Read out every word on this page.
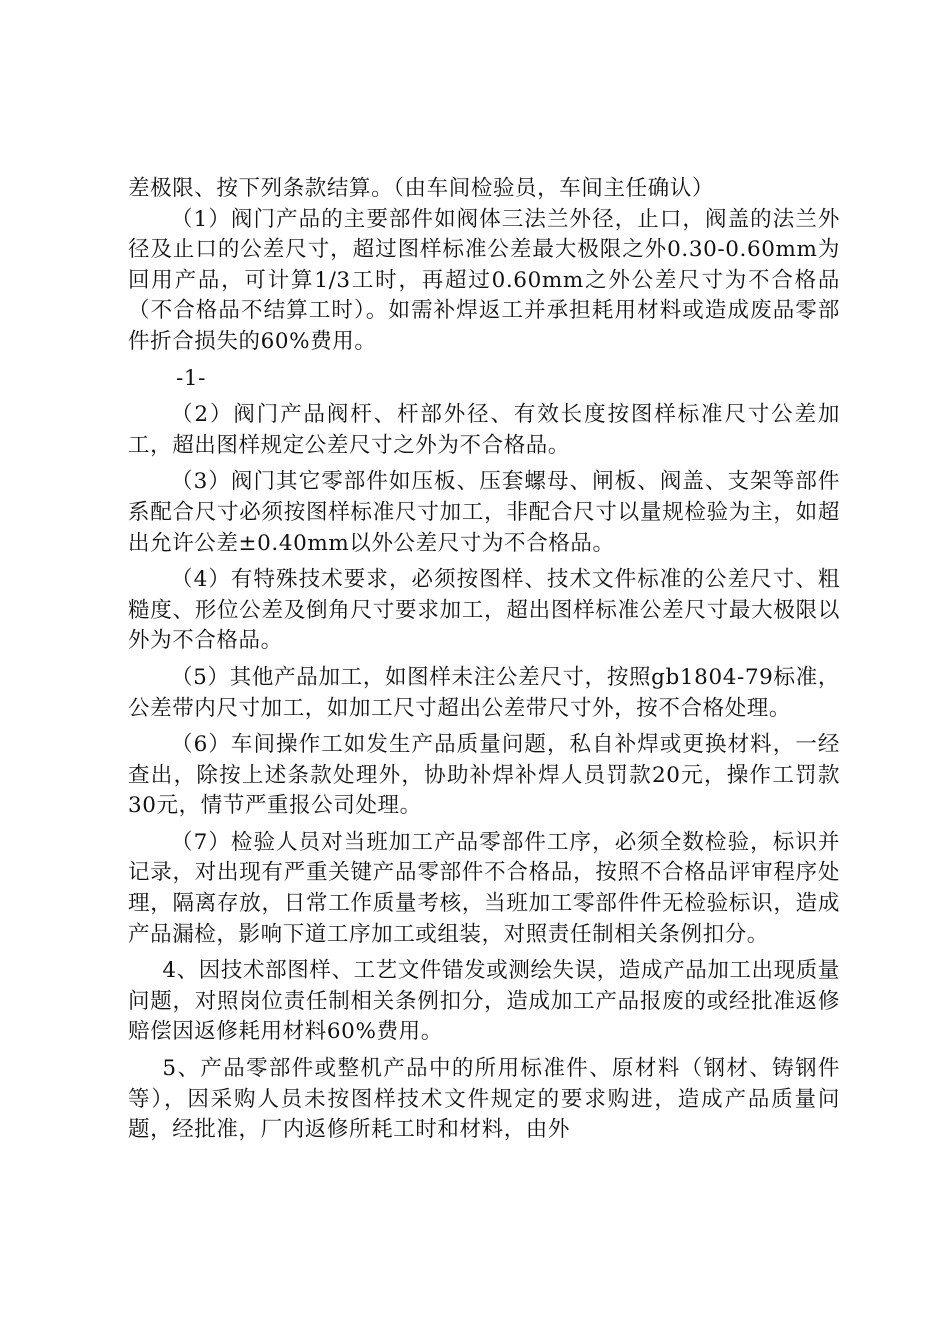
差极限、按下列条款结算。（由车间检验员，车间主任确认）

（1）阀门产品的主要部件如阀体三法兰外径，止口，阀盖的法兰外径及止口的公差尺寸，超过图样标准公差最大极限之外0.30-0.60mm为回用产品，可计算1/3工时，再超过0.60mm之外公差尺寸为不合格品（不合格品不结算工时）。如需补焊返工并承担耗用材料或造成废品零部件折合损失的60%费用。

-1-

（2）阀门产品阀杆、杆部外径、有效长度按图样标准尺寸公差加工，超出图样规定公差尺寸之外为不合格品。

（3）阀门其它零部件如压板、压套螺母、闸板、阀盖、支架等部件系配合尺寸必须按图样标准尺寸加工，非配合尺寸以量规检验为主，如超出允许公差±0.40mm以外公差尺寸为不合格品。

（4）有特殊技术要求，必须按图样、技术文件标准的公差尺寸、粗糙度、形位公差及倒角尺寸要求加工，超出图样标准公差尺寸最大极限以外为不合格品。

（5）其他产品加工，如图样未注公差尺寸，按照gb1804-79标准，公差带内尺寸加工，如加工尺寸超出公差带尺寸外，按不合格处理。

（6）车间操作工如发生产品质量问题，私自补焊或更换材料，一经查出，除按上述条款处理外，协助补焊补焊人员罚款20元，操作工罚款30元，情节严重报公司处理。

（7）检验人员对当班加工产品零部件工序，必须全数检验，标识并记录，对出现有严重关键产品零部件不合格品，按照不合格品评审程序处理，隔离存放，日常工作质量考核，当班加工零部件件无检验标识，造成产品漏检，影响下道工序加工或组装，对照责任制相关条例扣分。

4、因技术部图样、工艺文件错发或测绘失误，造成产品加工出现质量问题，对照岗位责任制相关条例扣分，造成加工产品报废的或经批准返修赔偿因返修耗用材料60%费用。

5、产品零部件或整机产品中的所用标准件、原材料（钢材、铸钢件等），因采购人员未按图样技术文件规定的要求购进，造成产品质量问题，经批准，厂内返修所耗工时和材料，由外
